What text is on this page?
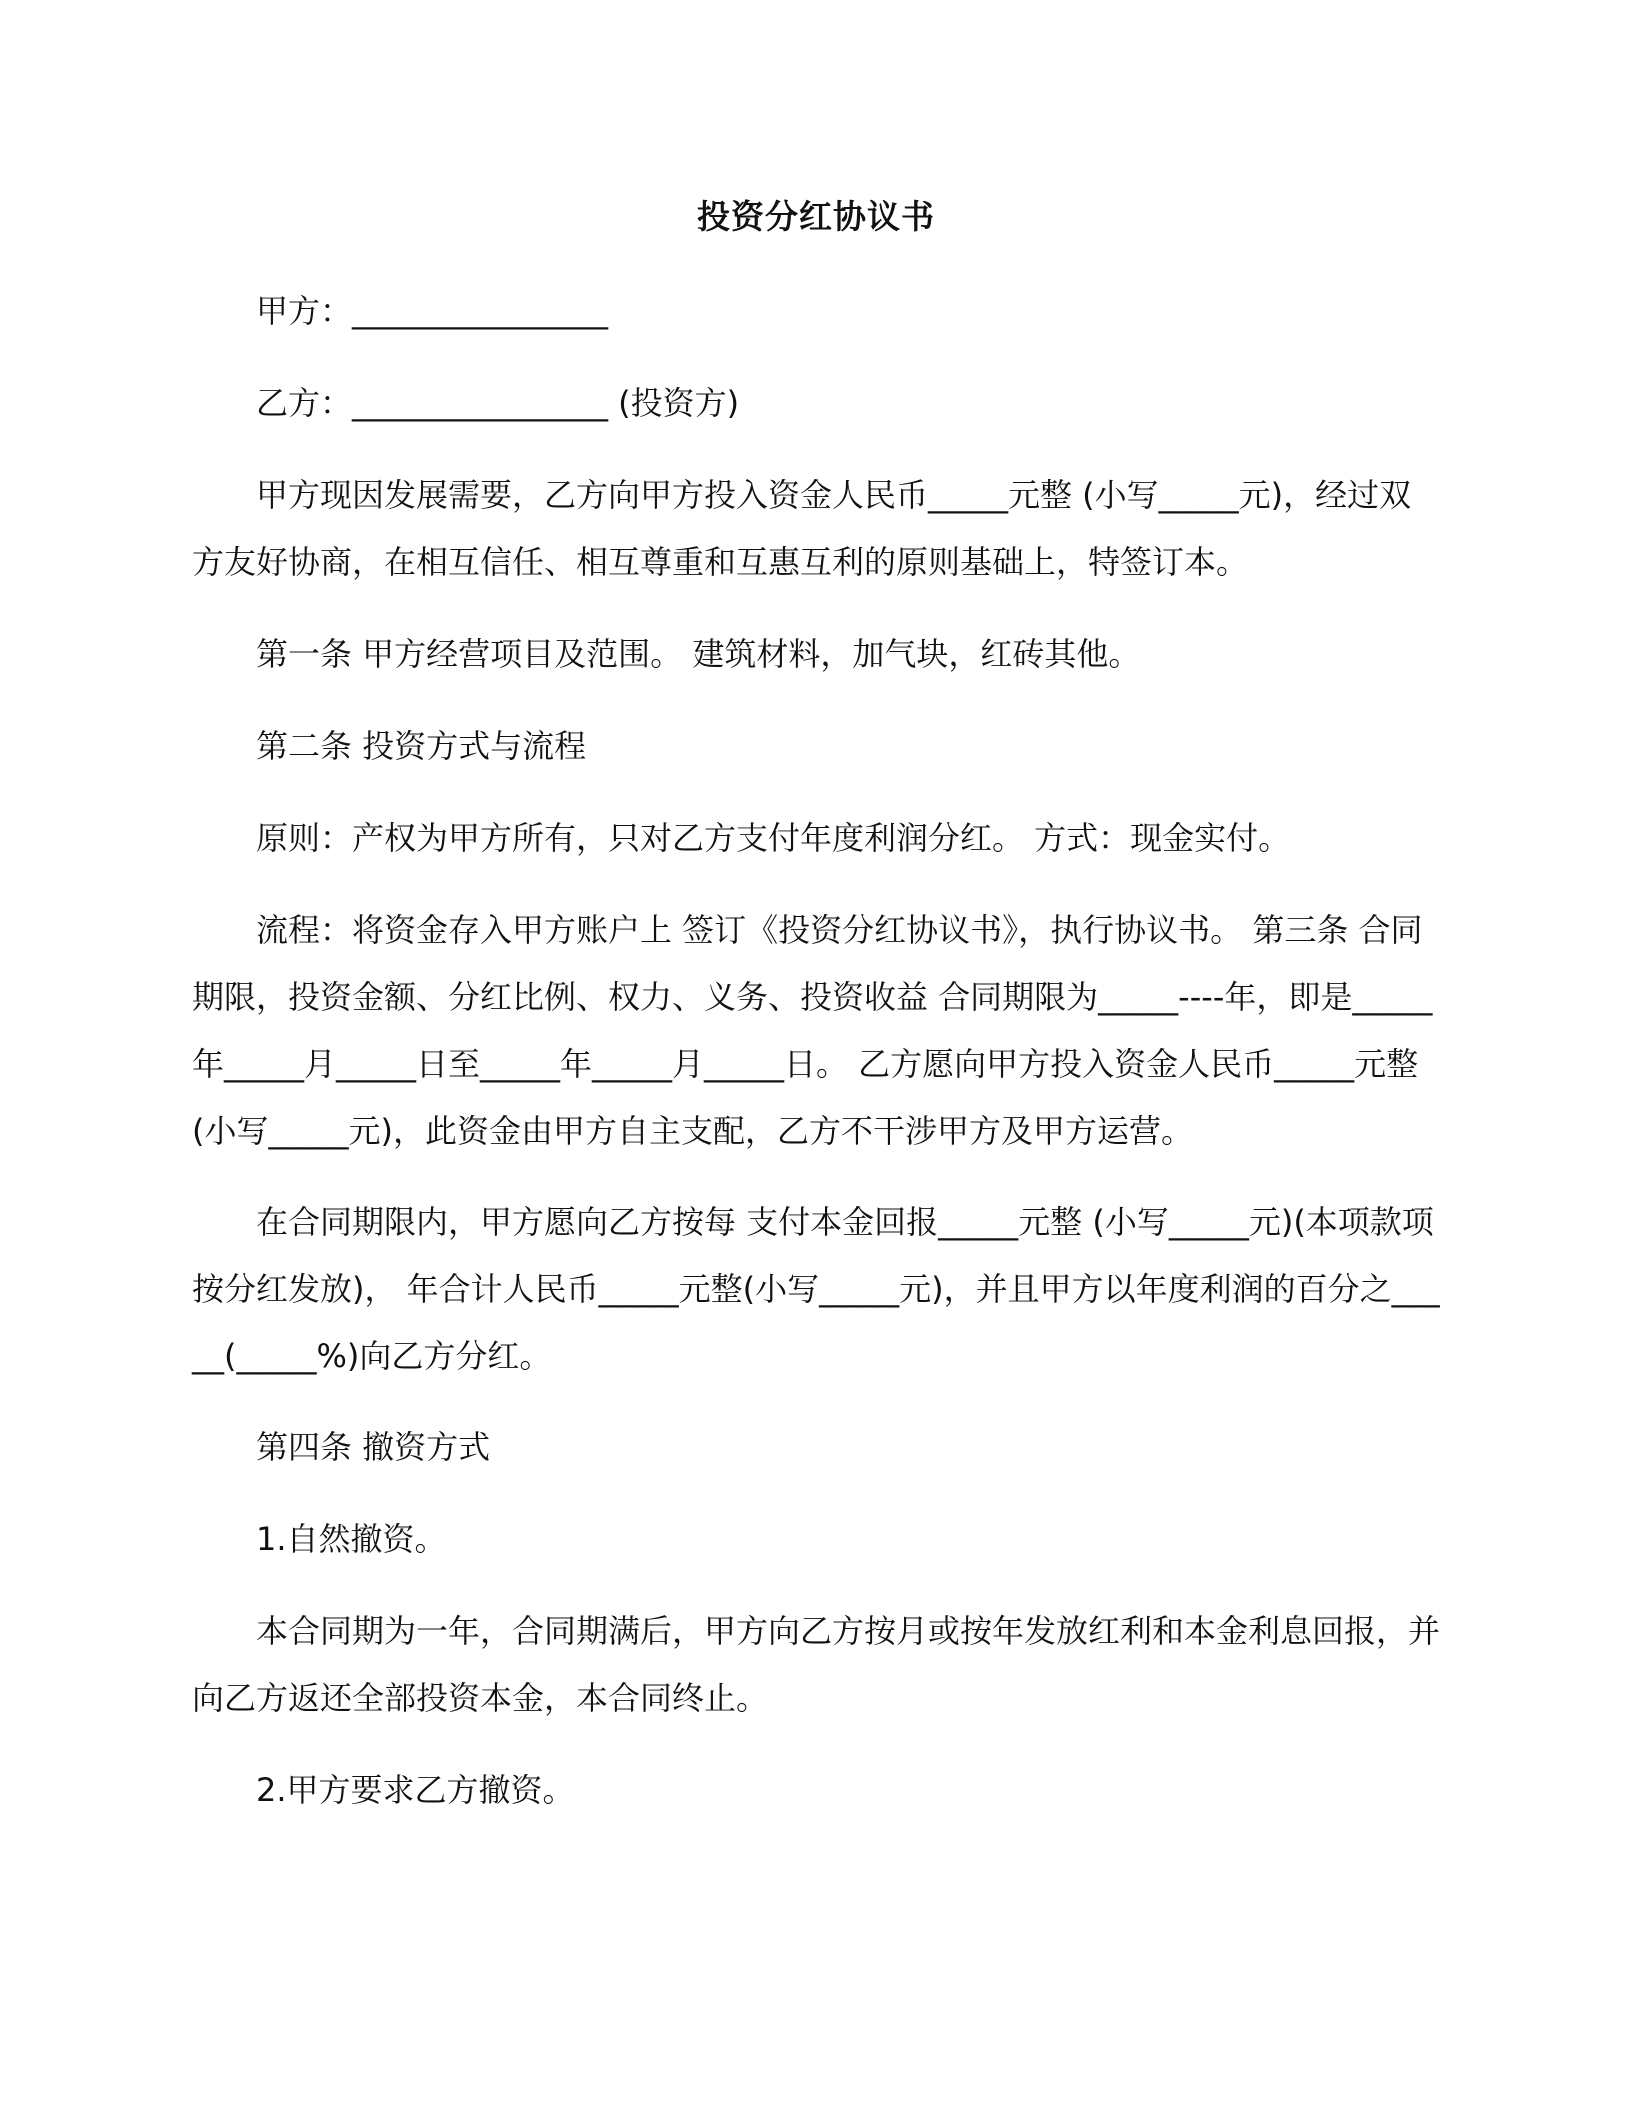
投资分红协议书

甲方：________________

乙方：________________ (投资方)

甲方现因发展需要，乙方向甲方投入资金人民币_____元整 (小写_____元)，经过双方友好协商，在相互信任、相互尊重和互惠互利的原则基础上，特签订本。

第一条 甲方经营项目及范围。 建筑材料，加气块，红砖其他。

第二条 投资方式与流程

原则：产权为甲方所有，只对乙方支付年度利润分红。 方式：现金实付。

流程：将资金存入甲方账户上 签订《投资分红协议书》，执行协议书。 第三条 合同期限，投资金额、分红比例、权力、义务、投资收益 合同期限为_____----年，即是_____年_____月_____日至_____年_____月_____日。 乙方愿向甲方投入资金人民币_____元整(小写_____元)，此资金由甲方自主支配，乙方不干涉甲方及甲方运营。

在合同期限内，甲方愿向乙方按每 支付本金回报_____元整 (小写_____元)(本项款项按分红发放)， 年合计人民币_____元整(小写_____元)，并且甲方以年度利润的百分之_____(_____%)向乙方分红。

第四条 撤资方式

1.自然撤资。

本合同期为一年，合同期满后，甲方向乙方按月或按年发放红利和本金利息回报，并向乙方返还全部投资本金，本合同终止。

2.甲方要求乙方撤资。
